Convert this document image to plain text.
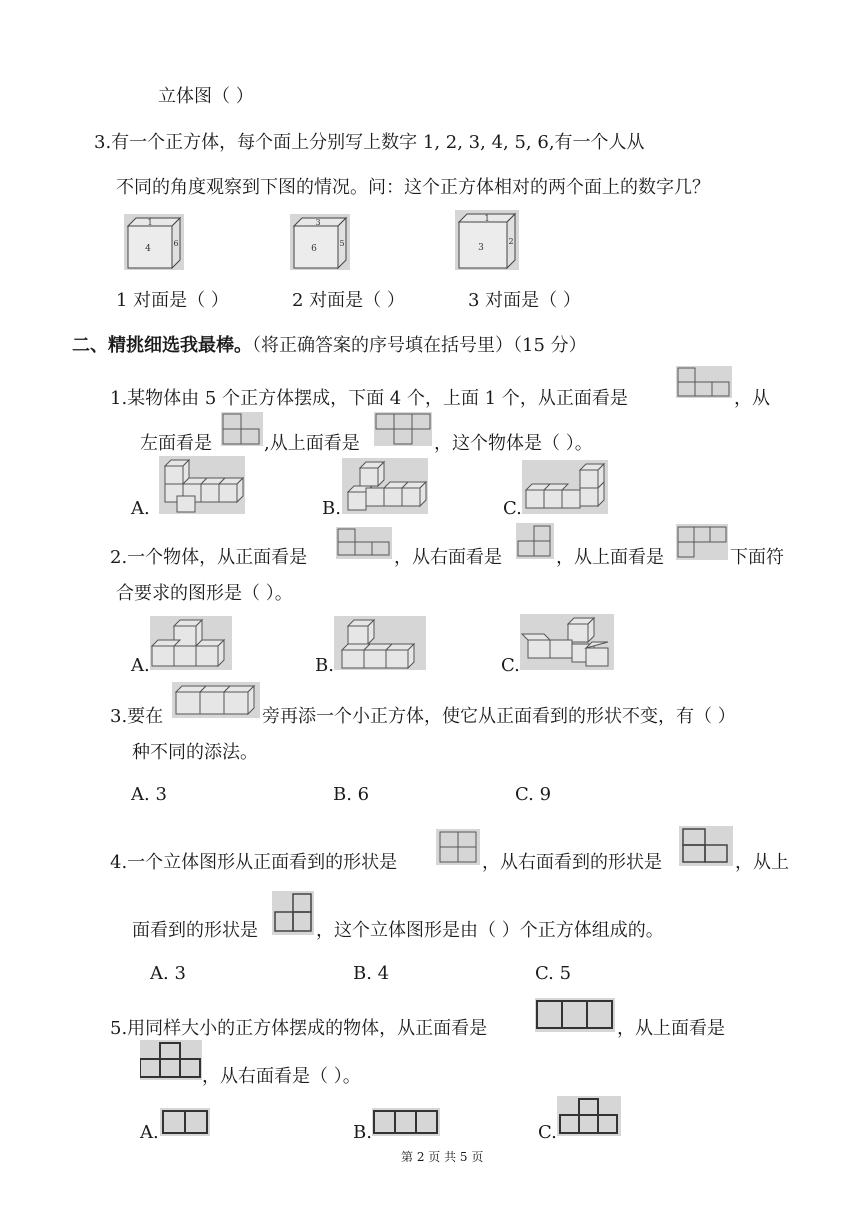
立体图（ ）
3.有一个正方体，每个面上分别写上数字 1, 2, 3, 4, 5, 6,有一个人从
不同的角度观察到下图的情况。问：这个正方体相对的两个面上的数字几？
1
4
6
3
6
5
1
3
2
1 对面是（ ）	2 对面是（ ）	3 对面是（ ）
二、精挑细选我最棒。（将正确答案的序号填在括号里）（15 分）
1.某物体由 5 个正方体摆成，下面 4 个，上面 1 个，从正面看是	，从
左面看是	,从上面看是	，这个物体是（ ）。
A.	B.	C.
2.一个物体，从正面看是	，从右面看是	，从上面看是	下面符
合要求的图形是（ ）。
A.	B.	C.
3.要在	旁再添一个小正方体，使它从正面看到的形状不变，有（ ）
种不同的添法。
A. 3	B. 6	C. 9
4.一个立体图形从正面看到的形状是	，从右面看到的形状是	，从上
面看到的形状是	，这个立体图形是由（ ）个正方体组成的。
A. 3	B. 4	C. 5
5.用同样大小的正方体摆成的物体，从正面看是	，从上面看是
，从右面看是（ ）。
A.	B.	C.
第 2 页 共 5 页
